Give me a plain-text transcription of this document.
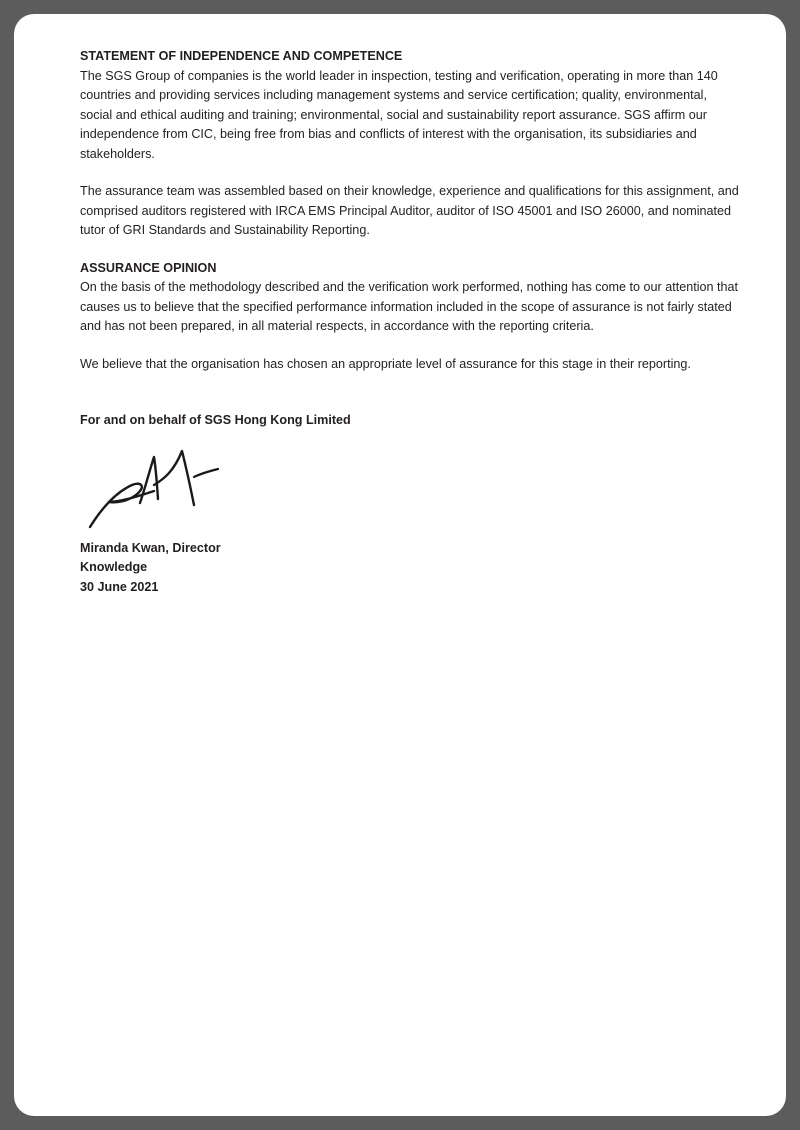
STATEMENT OF INDEPENDENCE AND COMPETENCE

The SGS Group of companies is the world leader in inspection, testing and verification, operating in more than 140 countries and providing services including management systems and service certification; quality, environmental, social and ethical auditing and training; environmental, social and sustainability report assurance. SGS affirm our independence from CIC, being free from bias and conflicts of interest with the organisation, its subsidiaries and stakeholders.

The assurance team was assembled based on their knowledge, experience and qualifications for this assignment, and comprised auditors registered with IRCA EMS Principal Auditor, auditor of ISO 45001 and ISO 26000, and nominated tutor of GRI Standards and Sustainability Reporting.

ASSURANCE OPINION

On the basis of the methodology described and the verification work performed, nothing has come to our attention that causes us to believe that the specified performance information included in the scope of assurance is not fairly stated and has not been prepared, in all material respects, in accordance with the reporting criteria.

We believe that the organisation has chosen an appropriate level of assurance for this stage in their reporting.

For and on behalf of SGS Hong Kong Limited

Miranda Kwan, Director
Knowledge
30 June 2021
